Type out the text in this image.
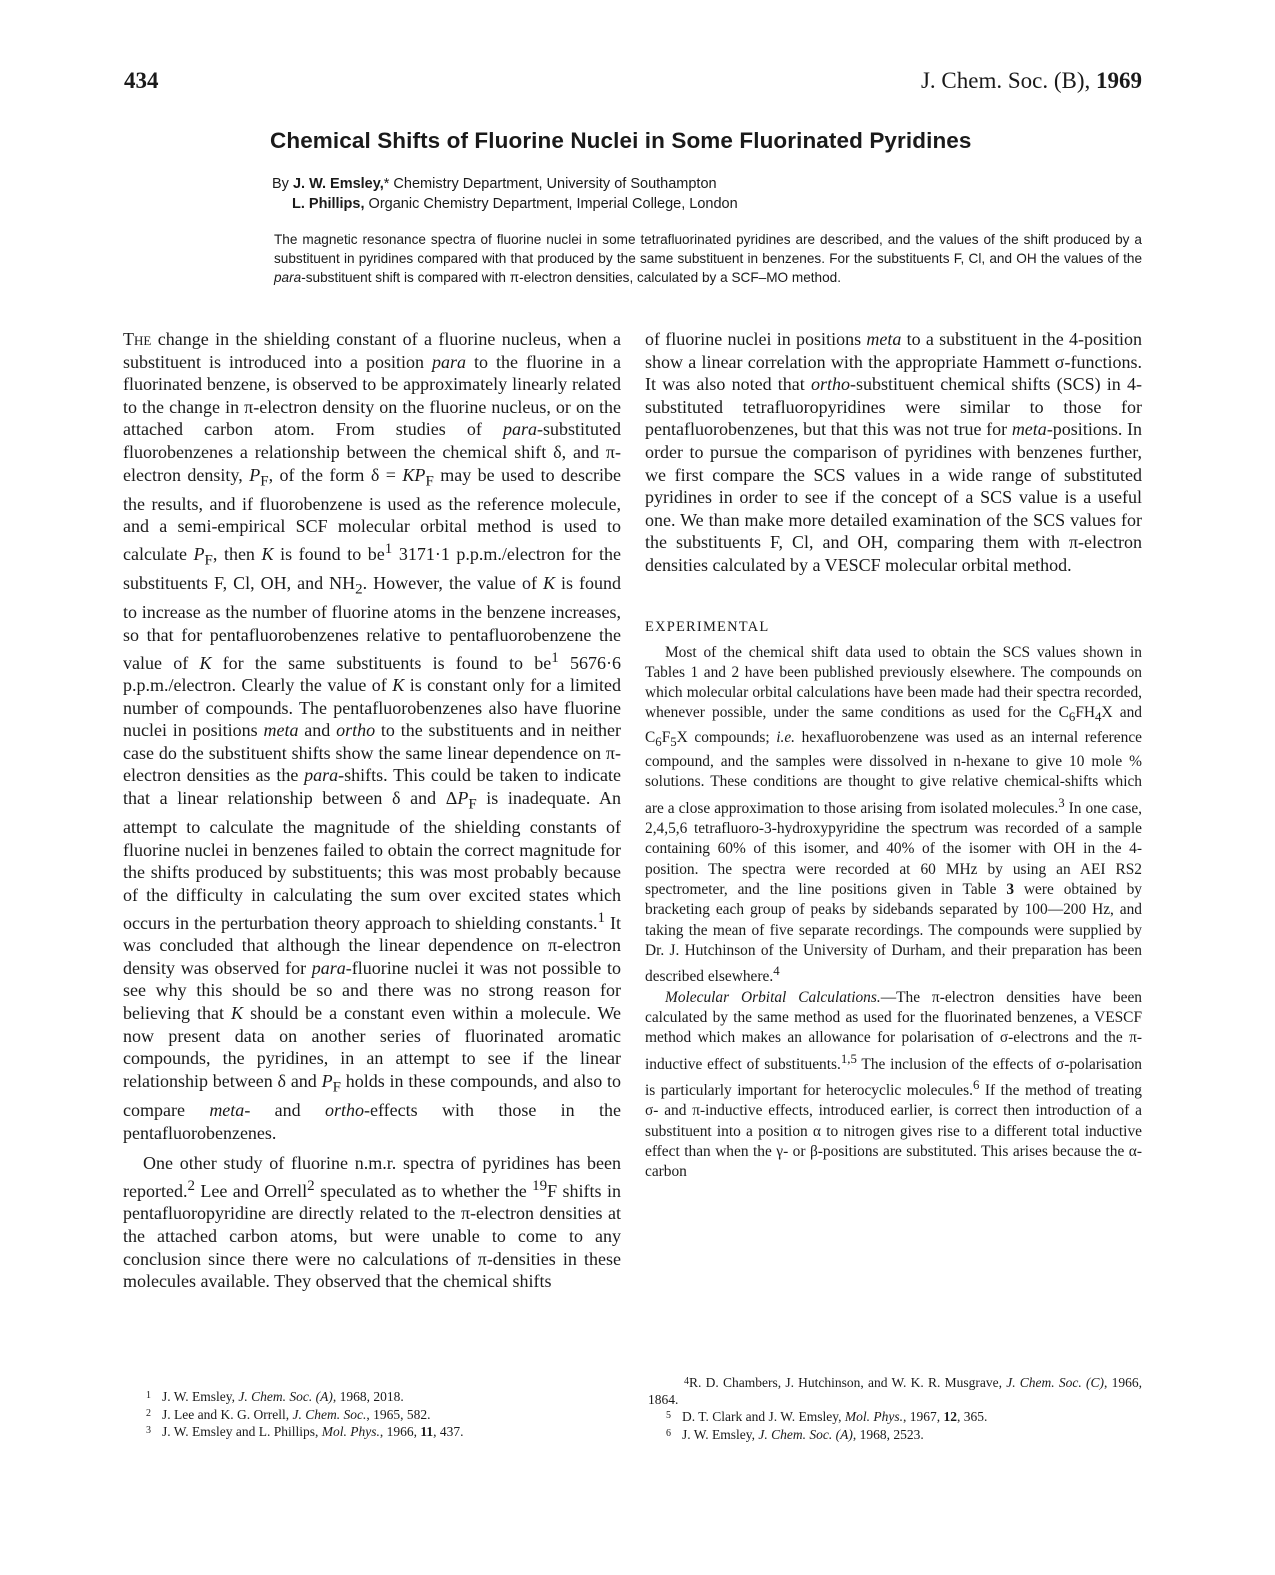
434	J. Chem. Soc. (B), 1969
Chemical Shifts of Fluorine Nuclei in Some Fluorinated Pyridines
By J. W. Emsley,* Chemistry Department, University of Southampton
L. Phillips, Organic Chemistry Department, Imperial College, London
The magnetic resonance spectra of fluorine nuclei in some tetrafluorinated pyridines are described, and the values of the shift produced by a substituent in pyridines compared with that produced by the same substituent in benzenes. For the substituents F, Cl, and OH the values of the para-substituent shift is compared with π-electron densities, calculated by a SCF–MO method.

The change in the shielding constant of a fluorine nucleus, when a substituent is introduced into a position para to the fluorine in a fluorinated benzene, is observed to be approximately linearly related to the change in π-electron density on the fluorine nucleus, or on the attached carbon atom. From studies of para-substituted fluorobenzenes a relationship between the chemical shift δ, and π-electron density, $P_F$, of the form $\delta = KP_F$ may be used to describe the results, and if fluorobenzene is used as the reference molecule, and a semi-empirical SCF molecular orbital method is used to calculate $P_F$, then K is found to $be^1$ 3171·1 p.p.m./electron for the substituents F, Cl, OH, and $NH_2$. However, the value of K is found to increase as the number of fluorine atoms in the benzene increases, so that for pentafluorobenzenes relative to pentafluorobenzene the value of K for the same substituents is found to $be^1$ 5676·6 p.p.m./electron. Clearly the value of K is constant only for a limited number of compounds. The pentafluorobenzenes also have fluorine nuclei in positions meta and ortho to the substituents and in neither case do the substituent shifts show the same linear dependence on π-electron densities as the para-shifts. This could be taken to indicate that a linear relationship between δ and $\Delta P_F$ is inadequate. An attempt to calculate the magnitude of the shielding constants of fluorine nuclei in benzenes failed to obtain the correct magnitude for the shifts produced by substituents; this was most probably because of the difficulty in calculating the sum over excited states which occurs in the perturbation theory approach to shielding constants.$^1$ It was concluded that although the linear dependence on π-electron density was observed for para-fluorine nuclei it was not possible to see why this should be so and there was no strong reason for believing that K should be a constant even within a molecule. We now present data on another series of fluorinated aromatic compounds, the pyridines, in an attempt to see if the linear relationship between δ and $P_F$ holds in these compounds, and also to compare meta- and ortho-effects with those in the pentafluorobenzenes.

One other study of fluorine n.m.r. spectra of pyridines has been reported.$^2$ Lee and Orrell$^2$ speculated as to whether the $^{19}$F shifts in pentafluoropyridine are directly related to the π-electron densities at the attached carbon atoms, but were unable to come to any conclusion since there were no calculations of π-densities in these molecules available. They observed that the chemical shifts

of fluorine nuclei in positions meta to a substituent in the 4-position show a linear correlation with the appropriate Hammett σ-functions. It was also noted that ortho-substituent chemical shifts (SCS) in 4-substituted tetrafluoropyridines were similar to those for pentafluorobenzenes, but that this was not true for meta-positions. In order to pursue the comparison of pyridines with benzenes further, we first compare the SCS values in a wide range of substituted pyridines in order to see if the concept of a SCS value is a useful one. We than make more detailed examination of the SCS values for the substituents F, Cl, and OH, comparing them with π-electron densities calculated by a VESCF molecular orbital method.

EXPERIMENTAL

Most of the chemical shift data used to obtain the SCS values shown in Tables 1 and 2 have been published previously elsewhere. The compounds on which molecular orbital calculations have been made had their spectra recorded, whenever possible, under the same conditions as used for the $C_6FH_4X$ and $C_6F_5X$ compounds; i.e. hexafluorobenzene was used as an internal reference compound, and the samples were dissolved in n-hexane to give 10 mole % solutions. These conditions are thought to give relative chemical-shifts which are a close approximation to those arising from isolated molecules.$^3$ In one case, 2,4,5,6 tetrafluoro-3-hydroxypyridine the spectrum was recorded of a sample containing 60% of this isomer, and 40% of the isomer with OH in the 4-position. The spectra were recorded at 60 MHz by using an AEI RS2 spectrometer, and the line positions given in Table 3 were obtained by bracketing each group of peaks by sidebands separated by 100—200 Hz, and taking the mean of five separate recordings. The compounds were supplied by Dr. J. Hutchinson of the University of Durham, and their preparation has been described elsewhere.$^4$

Molecular Orbital Calculations.—The π-electron densities have been calculated by the same method as used for the fluorinated benzenes, a VESCF method which makes an allowance for polarisation of σ-electrons and the π-inductive effect of substituents.$^{1,5}$ The inclusion of the effects of σ-polarisation is particularly important for heterocyclic molecules.$^6$ If the method of treating σ- and π-inductive effects, introduced earlier, is correct then introduction of a substituent into a position α to nitrogen gives rise to a different total inductive effect than when the γ- or β-positions are substituted. This arises because the α-carbon

1 J. W. Emsley, J. Chem. Soc. (A), 1968, 2018.
2 J. Lee and K. G. Orrell, J. Chem. Soc., 1965, 582.
3 J. W. Emsley and L. Phillips, Mol. Phys., 1966, 11, 437.
4R. D. Chambers, J. Hutchinson, and W. K. R. Musgrave, J. Chem. Soc. (C), 1966, 1864.
5 D. T. Clark and J. W. Emsley, Mol. Phys., 1967, 12, 365.
6 J. W. Emsley, J. Chem. Soc. (A), 1968, 2523.
